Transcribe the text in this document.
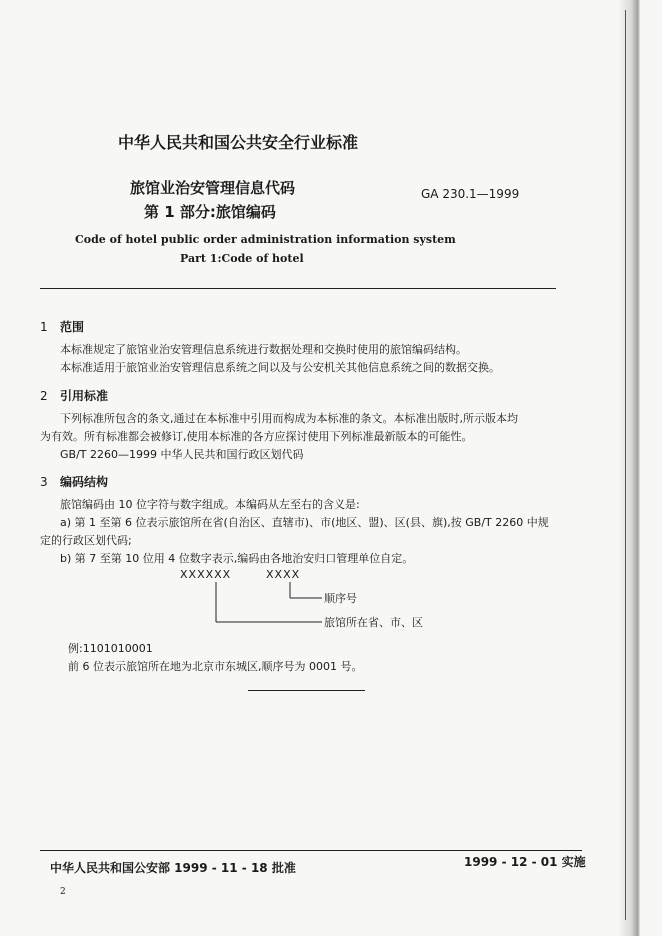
中华人民共和国公共安全行业标准
旅馆业治安管理信息代码
第 1 部分:旅馆编码
GA 230.1—1999
Code of hotel public order administration information system
Part 1:Code of hotel
1 范围
本标准规定了旅馆业治安管理信息系统进行数据处理和交换时使用的旅馆编码结构。
本标准适用于旅馆业治安管理信息系统之间以及与公安机关其他信息系统之间的数据交换。
2 引用标准
下列标准所包含的条文,通过在本标准中引用而构成为本标准的条文。本标准出版时,所示版本均
为有效。所有标准都会被修订,使用本标准的各方应探讨使用下列标准最新版本的可能性。
GB/T 2260—1999 中华人民共和国行政区划代码
3 编码结构
旅馆编码由 10 位字符与数字组成。本编码从左至右的含义是:
a) 第 1 至第 6 位表示旅馆所在省(自治区、直辖市)、市(地区、盟)、区(县、旗),按 GB/T 2260 中规
定的行政区划代码;
b) 第 7 至第 10 位用 4 位数字表示,编码由各地治安归口管理单位自定。
XXXXXX	XXXX
顺序号
旅馆所在省、市、区
例:1101010001
前 6 位表示旅馆所在地为北京市东城区,顺序号为 0001 号。
中华人民共和国公安部 1999 - 11 - 18 批准	1999 - 12 - 01 实施
2
